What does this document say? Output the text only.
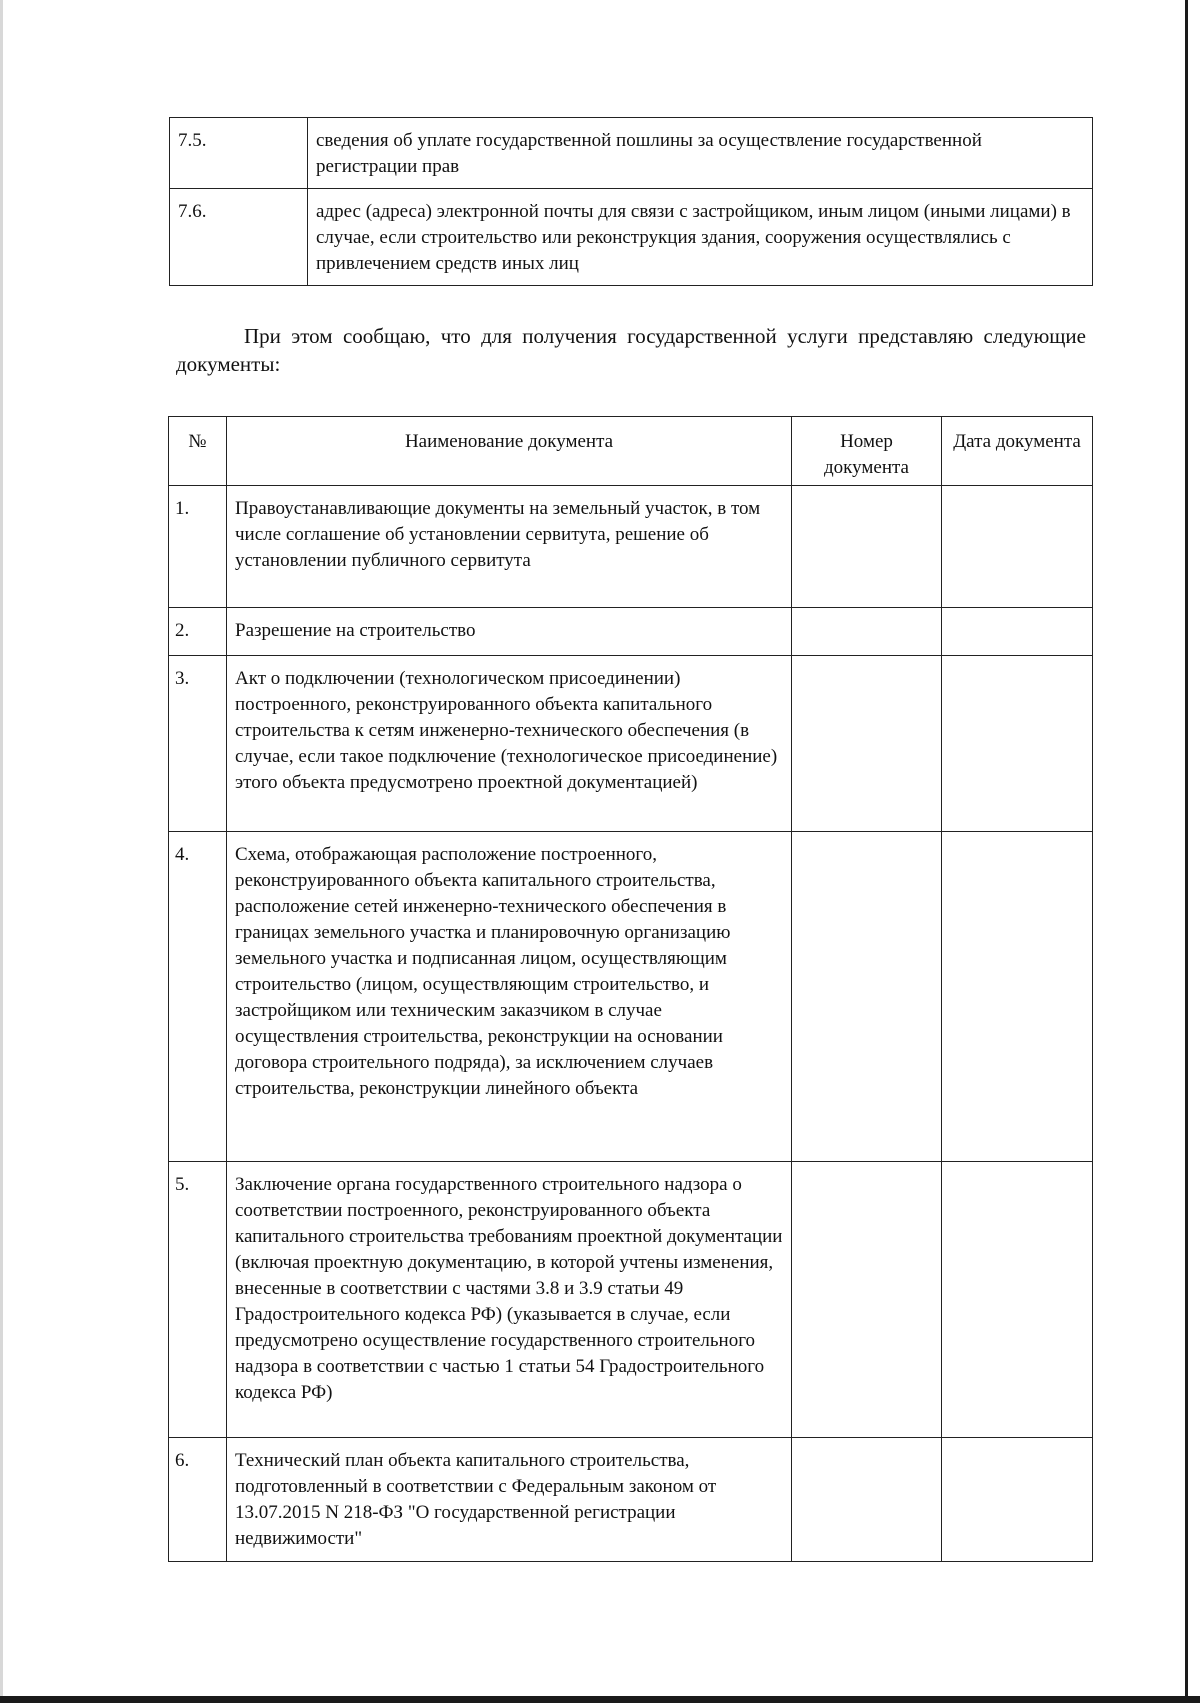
7.5.	сведения об уплате государственной пошлины за осуществление государственной регистрации прав
7.6.	адрес (адреса) электронной почты для связи с застройщиком, иным лицом (иными лицами) в случае, если строительство или реконструкция здания, сооружения осуществлялись с привлечением средств иных лиц
При этом сообщаю, что для получения государственной услуги представляю следующие документы:
№	Наименование документа	Номер документа	Дата документа
1.	Правоустанавливающие документы на земельный участок, в том числе соглашение об установлении сервитута, решение об установлении публичного сервитута		
2.	Разрешение на строительство		
3.	Акт о подключении (технологическом присоединении) построенного, реконструированного объекта капитального строительства к сетям инженерно-технического обеспечения (в случае, если такое подключение (технологическое присоединение) этого объекта предусмотрено проектной документацией)		
4.	Схема, отображающая расположение построенного, реконструированного объекта капитального строительства, расположение сетей инженерно-технического обеспечения в границах земельного участка и планировочную организацию земельного участка и подписанная лицом, осуществляющим строительство (лицом, осуществляющим строительство, и застройщиком или техническим заказчиком в случае осуществления строительства, реконструкции на основании договора строительного подряда), за исключением случаев строительства, реконструкции линейного объекта		
5.	Заключение органа государственного строительного надзора о соответствии построенного, реконструированного объекта капитального строительства требованиям проектной документации (включая проектную документацию, в которой учтены изменения, внесенные в соответствии с частями 3.8 и 3.9 статьи 49 Градостроительного кодекса РФ) (указывается в случае, если предусмотрено осуществление государственного строительного надзора в соответствии с частью 1 статьи 54 Градостроительного кодекса РФ)		
6.	Технический план объекта капитального строительства, подготовленный в соответствии с Федеральным законом от 13.07.2015 N 218-ФЗ "О государственной регистрации недвижимости"		
